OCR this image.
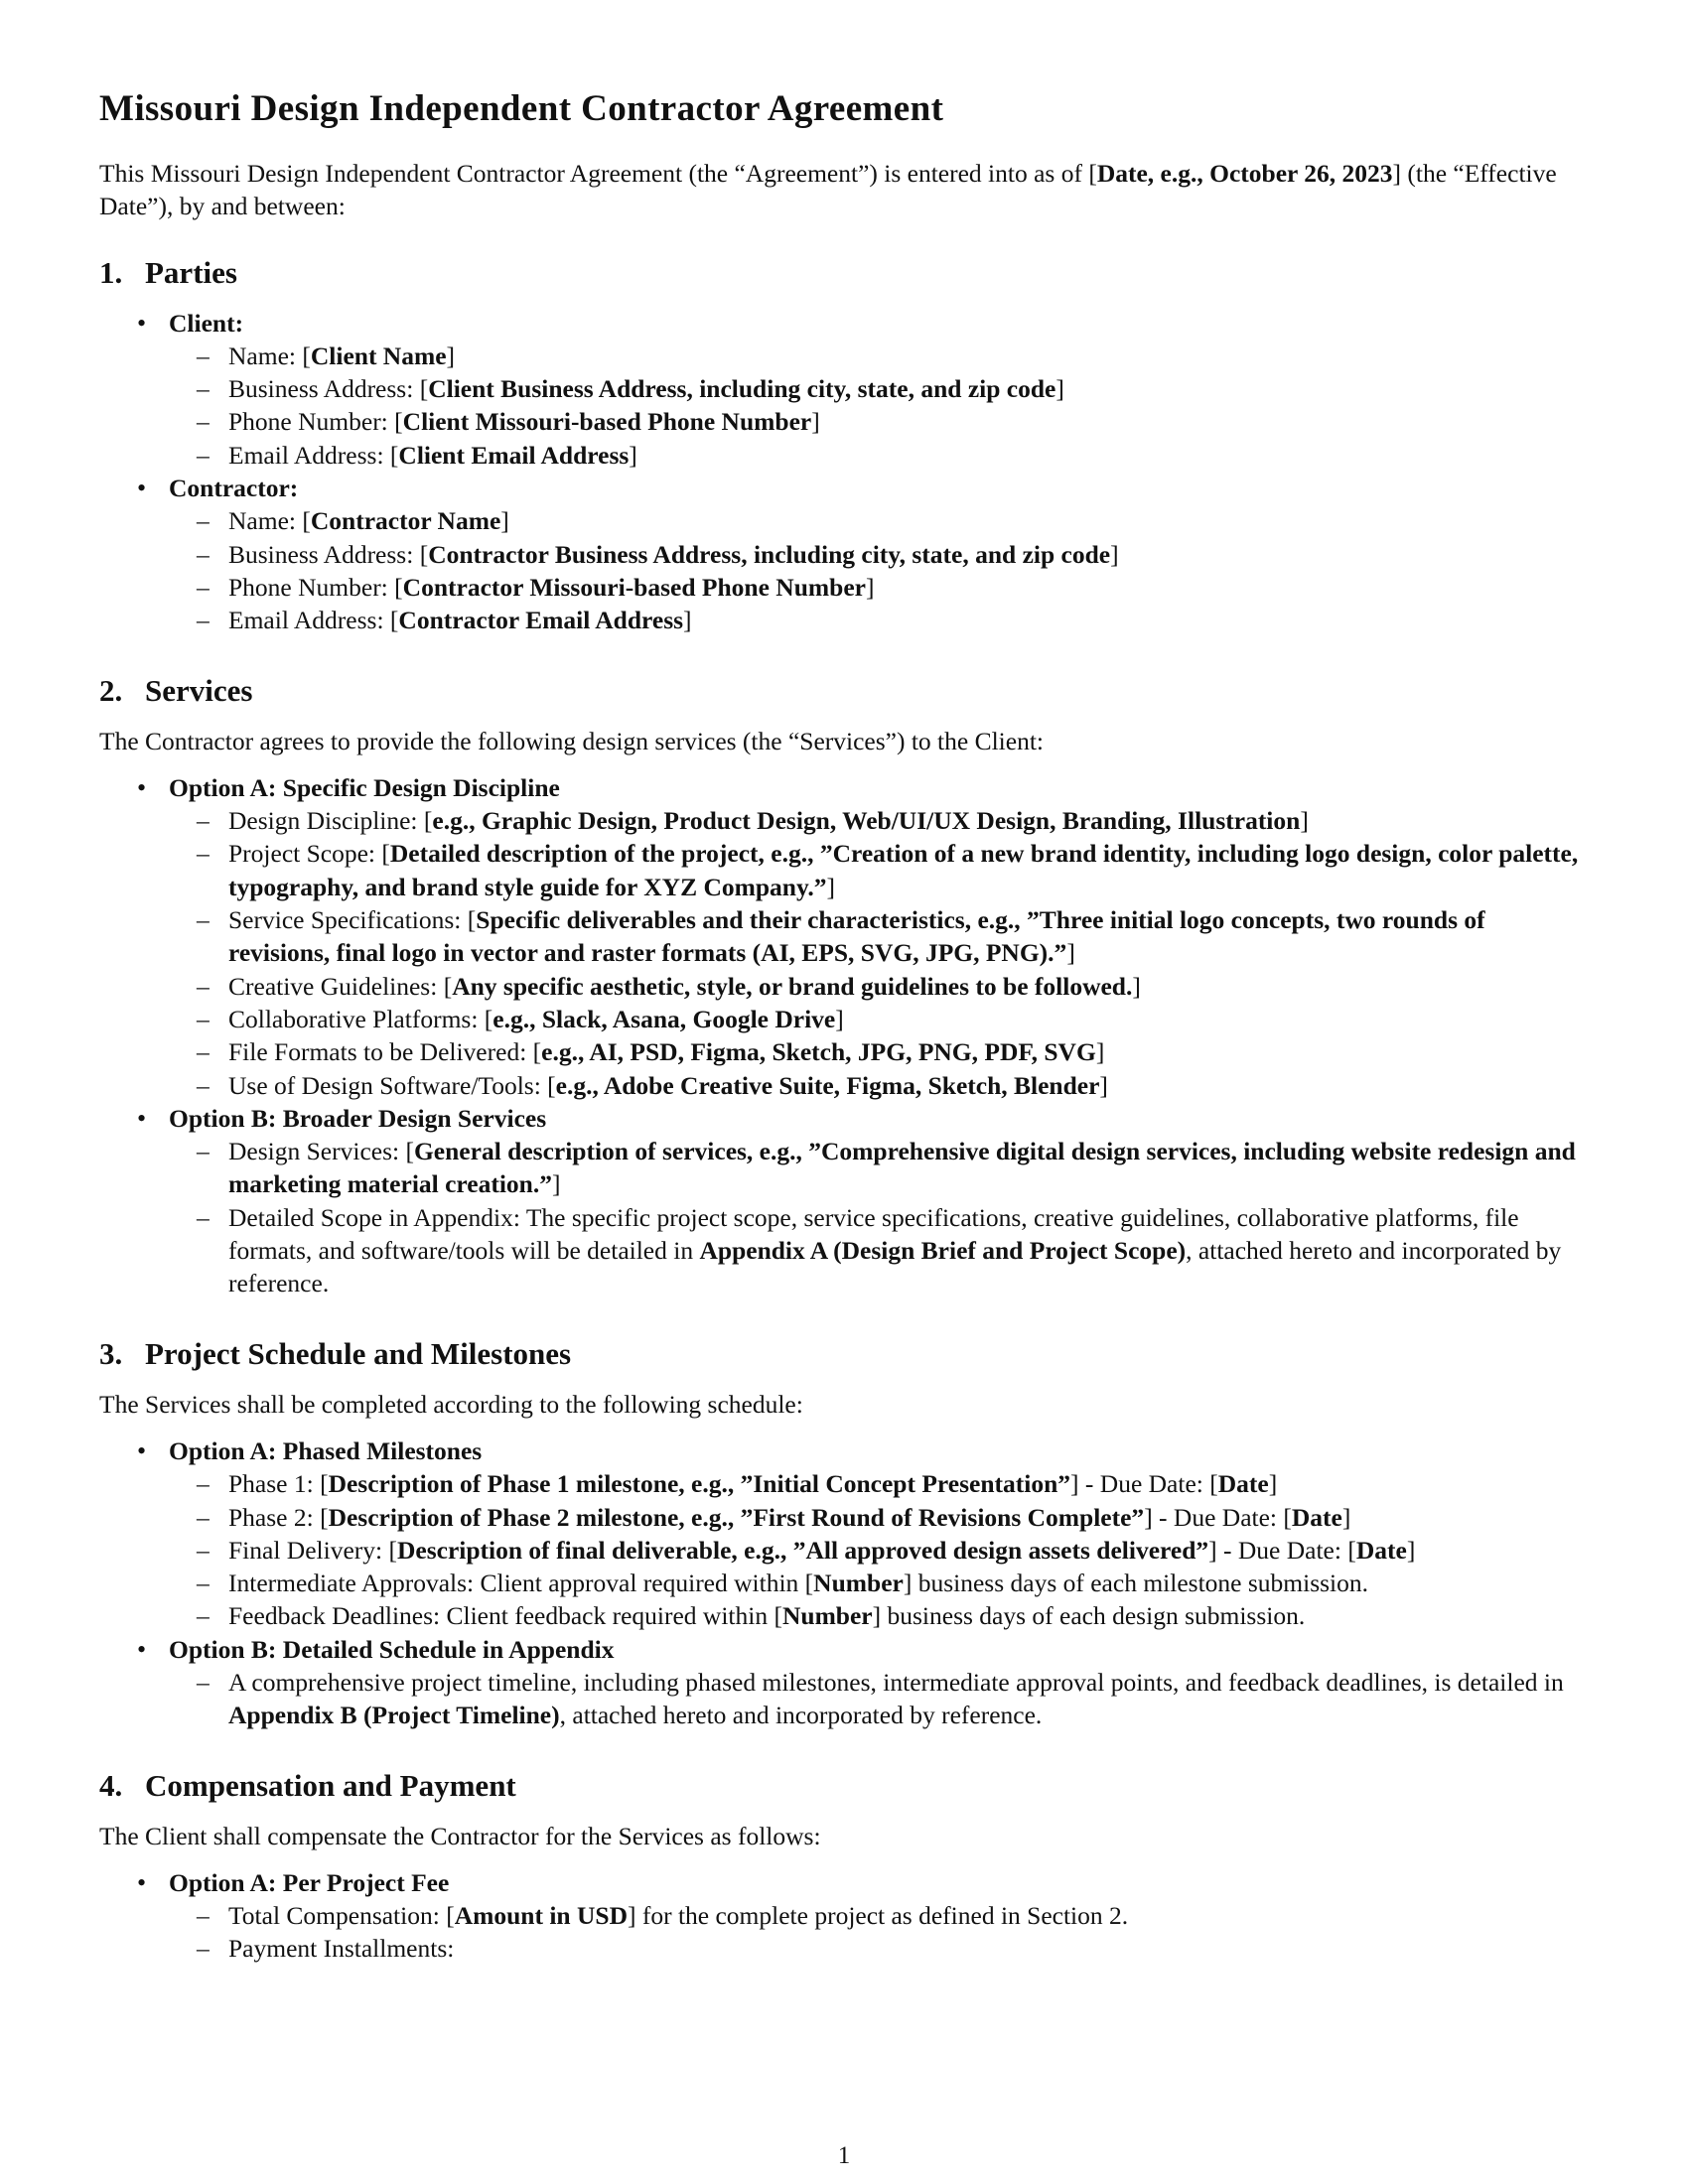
Missouri Design Independent Contractor Agreement

This Missouri Design Independent Contractor Agreement (the “Agreement”) is entered into as of [Date, e.g., October 26, 2023] (the “Effective Date”), by and between:

1. Parties
• Client:
– Name: [Client Name]
– Business Address: [Client Business Address, including city, state, and zip code]
– Phone Number: [Client Missouri-based Phone Number]
– Email Address: [Client Email Address]
• Contractor:
– Name: [Contractor Name]
– Business Address: [Contractor Business Address, including city, state, and zip code]
– Phone Number: [Contractor Missouri-based Phone Number]
– Email Address: [Contractor Email Address]
2. Services

The Contractor agrees to provide the following design services (the “Services”) to the Client:

• Option A: Specific Design Discipline
– Design Discipline: [e.g., Graphic Design, Product Design, Web/UI/UX Design, Branding, Illustration]
– Project Scope: [Detailed description of the project, e.g., ”Creation of a new brand identity, including logo design, color palette, typography, and brand style guide for XYZ Company.”]
– Service Specifications: [Specific deliverables and their characteristics, e.g., ”Three initial logo concepts, two rounds of revisions, final logo in vector and raster formats (AI, EPS, SVG, JPG, PNG).”]
– Creative Guidelines: [Any specific aesthetic, style, or brand guidelines to be followed.]
– Collaborative Platforms: [e.g., Slack, Asana, Google Drive]
– File Formats to be Delivered: [e.g., AI, PSD, Figma, Sketch, JPG, PNG, PDF, SVG]
– Use of Design Software/Tools: [e.g., Adobe Creative Suite, Figma, Sketch, Blender]
• Option B: Broader Design Services
– Design Services: [General description of services, e.g., ”Comprehensive digital design services, including website redesign and marketing material creation.”]
– Detailed Scope in Appendix: The specific project scope, service specifications, creative guidelines, collaborative platforms, file formats, and software/tools will be detailed in Appendix A (Design Brief and Project Scope), attached hereto and incorporated by reference.
3. Project Schedule and Milestones

The Services shall be completed according to the following schedule:

• Option A: Phased Milestones
– Phase 1: [Description of Phase 1 milestone, e.g., ”Initial Concept Presentation”] - Due Date: [Date]
– Phase 2: [Description of Phase 2 milestone, e.g., ”First Round of Revisions Complete”] - Due Date: [Date]
– Final Delivery: [Description of final deliverable, e.g., ”All approved design assets delivered”] - Due Date: [Date]
– Intermediate Approvals: Client approval required within [Number] business days of each milestone submission.
– Feedback Deadlines: Client feedback required within [Number] business days of each design submission.
• Option B: Detailed Schedule in Appendix
– A comprehensive project timeline, including phased milestones, intermediate approval points, and feedback deadlines, is detailed in Appendix B (Project Timeline), attached hereto and incorporated by reference.
4. Compensation and Payment

The Client shall compensate the Contractor for the Services as follows:

• Option A: Per Project Fee
– Total Compensation: [Amount in USD] for the complete project as defined in Section 2.
– Payment Installments:
1
